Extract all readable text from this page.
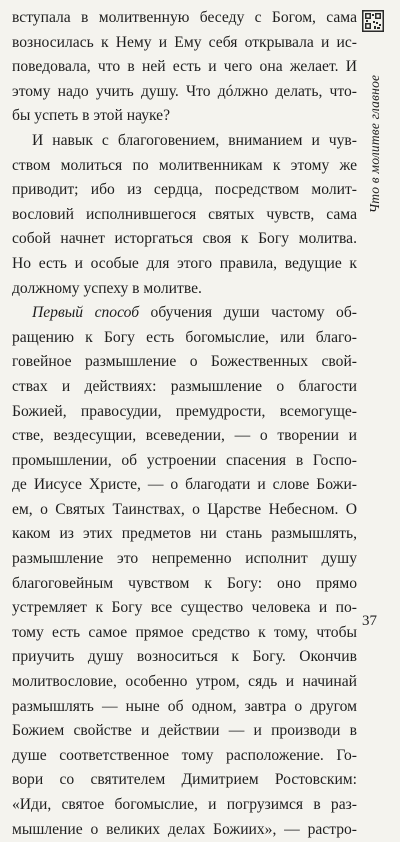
вступала в молитвенную беседу с Богом, сама
возносилась к Нему и Ему себя открывала и ис-
поведовала, что в ней есть и чего она желает. И
этому надо учить душу. Что дóлжно делать, что-
бы успеть в этой науке?
И навык с благоговением, вниманием и чув-
ством молиться по молитвенникам к этому же
приводит; ибо из сердца, посредством молит-
вословий исполнившегося святых чувств, сама
собой начнет исторгаться своя к Богу молитва.
Но есть и особые для этого правила, ведущие к
должному успеху в молитве.
Первый способ обучения души частому об-
ращению к Богу есть богомыслие, или благо-
говейное размышление о Божественных свой-
ствах и действиях: размышление о благости
Божией, правосудии, премудрости, всемогуще-
стве, вездесущии, всеведении, — о творении и
промышлении, об устроении спасения в Госпо-
де Иисусе Христе, — о благодати и слове Божи-
ем, о Святых Таинствах, о Царстве Небесном. О
каком из этих предметов ни стань размышлять,
размышление это непременно исполнит душу
благоговейным чувством к Богу: оно прямо
устремляет к Богу все существо человека и по-
тому есть самое прямое средство к тому, чтобы
приучить душу возноситься к Богу. Окончив
молитвословие, особенно утром, сядь и начинай
размышлять — ныне об одном, завтра о другом
Божием свойстве и действии — и производи в
душе соответственное тому расположение. Го-
вори со святителем Димитрием Ростовским:
«Иди, святое богомыслие, и погрузимся в раз-
мышление о великих делах Божиих», — растро-
Что в молитве главное
37
